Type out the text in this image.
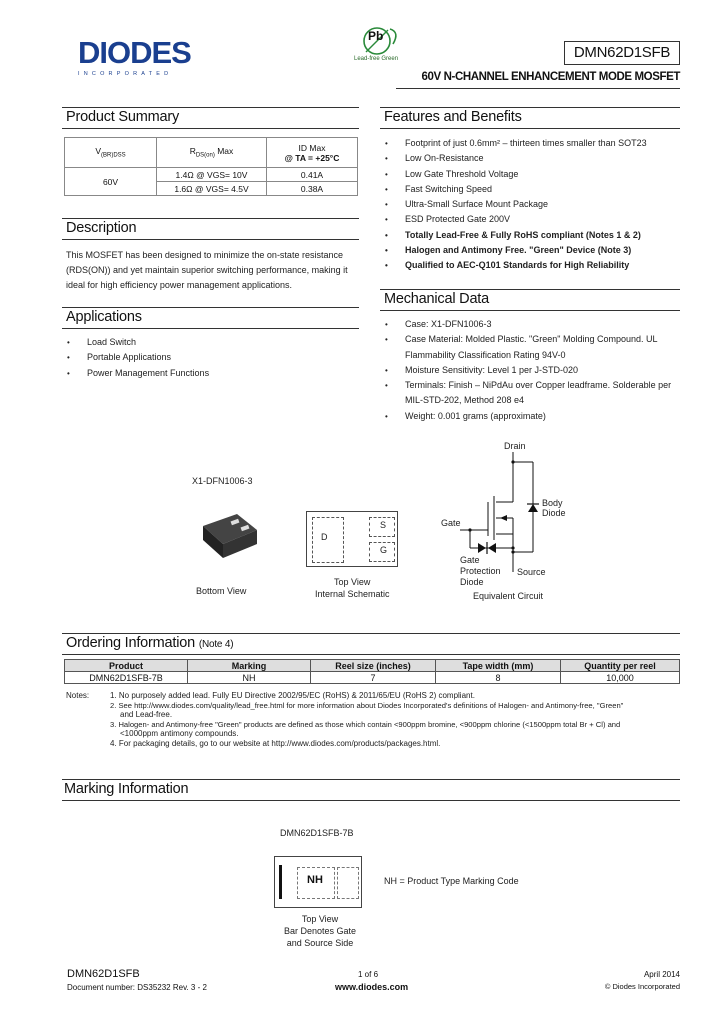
DIODES
INCORPORATED
Pb
Lead-free Green	DMN62D1SFB
60V N-CHANNEL ENHANCEMENT MODE MOSFET
Product Summary
$V_{(BR)DSS}$	$R_{DS(on)}$ Max	ID Max
@ TA = +25°C

60V	1.4Ω @ VGS= 10V	0.41A
	1.6Ω @ VGS= 4.5V	0.38A
Description
This MOSFET has been designed to minimize the on-state resistance
(RDS(ON)) and yet maintain superior switching performance, making it
ideal for high efficiency power management applications.
Applications
• Load Switch
• Portable Applications
• Power Management Functions
Features and Benefits
• Footprint of just 0.6mm² – thirteen times smaller than SOT23
• Low On-Resistance
• Low Gate Threshold Voltage
• Fast Switching Speed
• Ultra-Small Surface Mount Package
• ESD Protected Gate 200V
• Totally Lead-Free & Fully RoHS compliant (Notes 1 & 2)
• Halogen and Antimony Free. "Green" Device (Note 3)
• Qualified to AEC-Q101 Standards for High Reliability
Mechanical Data
• Case: X1-DFN1006-3
• Case Material: Molded Plastic. "Green" Molding Compound. UL Flammability Classification Rating 94V-0
• Moisture Sensitivity: Level 1 per J-STD-020
• Terminals: Finish – NiPdAu over Copper leadframe. Solderable per MIL-STD-202, Method 208 e4
• Weight: 0.001 grams (approximate)
X1-DFN1006-3
Bottom View
D
S
G
Top View
Internal Schematic
Drain
Gate
Source
Body
Diode
Gate
Protection
Diode
Equivalent Circuit
Ordering Information (Note 4)
Product	Marking	Reel size (inches)	Tape width (mm)	Quantity per reel
DMN62D1SFB-7B	NH	7	8	10,000
Notes:	1. No purposely added lead. Fully EU Directive 2002/95/EC (RoHS) & 2011/65/EU (RoHS 2) compliant.
2. See http://www.diodes.com/quality/lead_free.html for more information about Diodes Incorporated's definitions of Halogen- and Antimony-free, "Green"
and Lead-free.
3. Halogen- and Antimony-free "Green" products are defined as those which contain <900ppm bromine, <900ppm chlorine (<1500ppm total Br + Cl) and
<1000ppm antimony compounds.
4. For packaging details, go to our website at http://www.diodes.com/products/packages.html.
Marking Information
DMN62D1SFB-7B
NH	NH = Product Type Marking Code
Top View
Bar Denotes Gate
and Source Side
DMN62D1SFB
Document number: DS35232 Rev. 3 - 2
1 of 6
www.diodes.com
April 2014
© Diodes Incorporated
